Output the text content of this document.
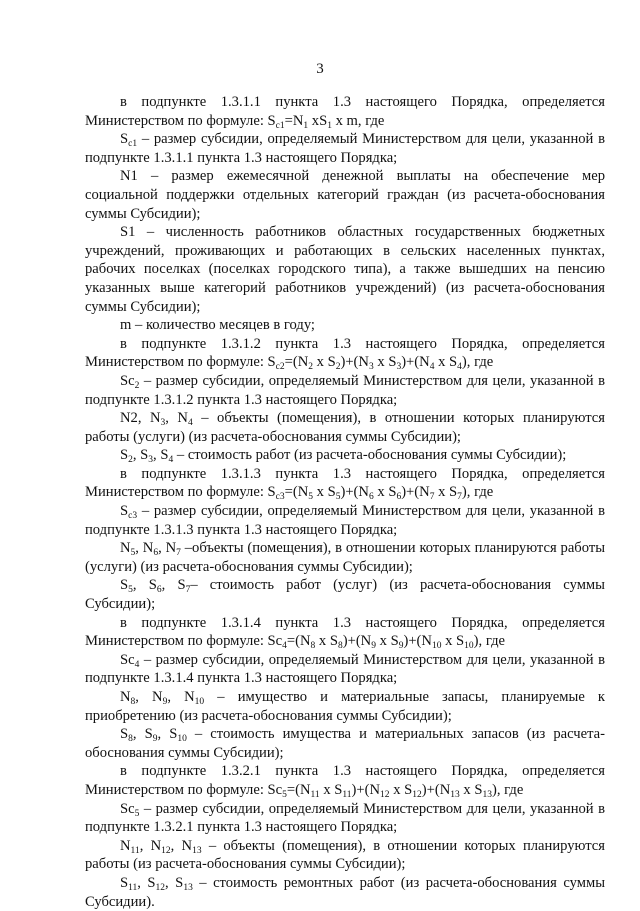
3

в подпункте 1.3.1.1 пункта 1.3 настоящего Порядка, определяется Министерством по формуле: $S_{c1}=N_1$ $xS_1$ x m, где

$S_{c1}$ – размер субсидии, определяемый Министерством для цели, указанной в подпункте 1.3.1.1 пункта 1.3 настоящего Порядка;

N1 – размер ежемесячной денежной выплаты на обеспечение мер социальной поддержки отдельных категорий граждан (из расчета-обоснования суммы Субсидии);

S1 – численность работников областных государственных бюджетных учреждений, проживающих и работающих в сельских населенных пунктах, рабочих поселках (поселках городского типа), а также вышедших на пенсию указанных выше категорий работников учреждений) (из расчета-обоснования суммы Субсидии);

m – количество месяцев в году;

в подпункте 1.3.1.2 пункта 1.3 настоящего Порядка, определяется Министерством по формуле: $S_{c2}=(N_2$ x $S_2)+(N_3$ x $S_3)+(N_4$ x $S_4$), где

$Sc_2$ – размер субсидии, определяемый Министерством для цели, указанной в подпункте 1.3.1.2 пункта 1.3 настоящего Порядка;

N2, $N_3$, $N_4$ – объекты (помещения), в отношении которых планируются работы (услуги) (из расчета-обоснования суммы Субсидии);

$S_2$, $S_3$, $S_4$ – стоимость работ (из расчета-обоснования суммы Субсидии);

в подпункте 1.3.1.3 пункта 1.3 настоящего Порядка, определяется Министерством по формуле: $S_{c3}=(N_5$ x $S_5)+(N_6$ x $S_6)+(N_7$ x $S_7$), где

$S_{c3}$ – размер субсидии, определяемый Министерством для цели, указанной в подпункте 1.3.1.3 пункта 1.3 настоящего Порядка;

$N_5$, $N_6$, $N_7$ –объекты (помещения), в отношении которых планируются работы (услуги) (из расчета-обоснования суммы Субсидии);

$S_5$, $S_6$, $S_7-$ стоимость работ (услуг) (из расчета-обоснования суммы Субсидии);

в подпункте 1.3.1.4 пункта 1.3 настоящего Порядка, определяется Министерством по формуле: $Sc_4=(N_8$ x $S_8)+(N_9$ x $S_9)+(N_{10}$ x $S_{10}$), где

$Sc_4$ – размер субсидии, определяемый Министерством для цели, указанной в подпункте 1.3.1.4 пункта 1.3 настоящего Порядка;

$N_8$, $N_9$, $N_{10}$ – имущество и материальные запасы, планируемые к приобретению (из расчета-обоснования суммы Субсидии);

$S_8$, $S_9$, $S_{10}$ – стоимость имущества и материальных запасов (из расчета-обоснования суммы Субсидии);

в подпункте 1.3.2.1 пункта 1.3 настоящего Порядка, определяется Министерством по формуле: $Sc_5=(N_{11}$ x $S_{11})+(N_{12}$ x $S_{12})+(N_{13}$ x $S_{13}$), где

$Sc_5$ – размер субсидии, определяемый Министерством для цели, указанной в подпункте 1.3.2.1 пункта 1.3 настоящего Порядка;

$N_{11}$, $N_{12}$, $N_{13}$ – объекты (помещения), в отношении которых планируются работы (из расчета-обоснования суммы Субсидии);

$S_{11}$, $S_{12}$, $S_{13}$ – стоимость ремонтных работ (из расчета-обоснования суммы Субсидии).
